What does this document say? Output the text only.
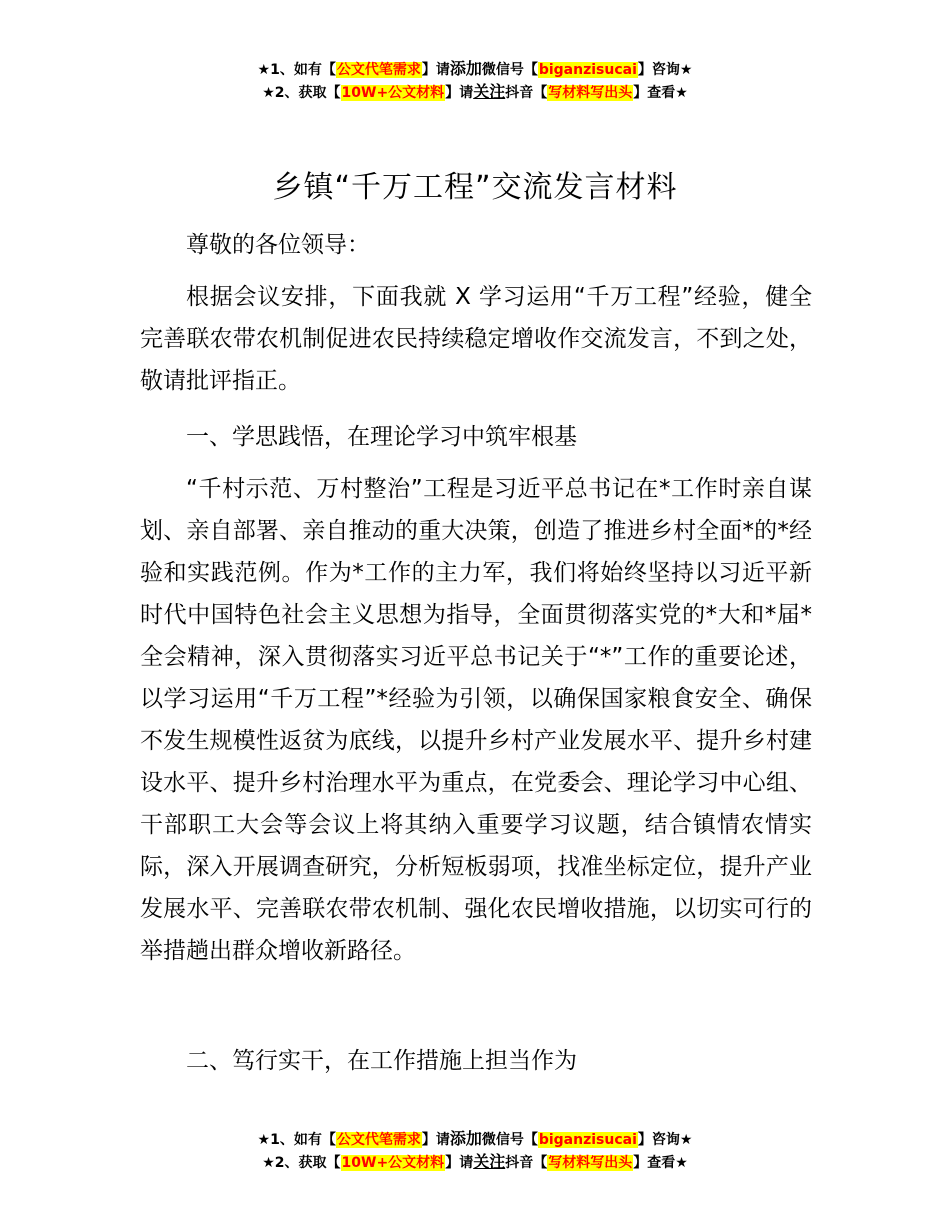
★1、如有【公文代笔需求】请添加微信号【biganzisucai】咨询★
★2、获取【10W+公文材料】请关注抖音【写材料写出头】查看★
乡镇“千万工程”交流发言材料

尊敬的各位领导：

根据会议安排，下面我就 X 学习运用“千万工程”经验，健全完善联农带农机制促进农民持续稳定增收作交流发言，不到之处，敬请批评指正。

一、学思践悟，在理论学习中筑牢根基

“千村示范、万村整治”工程是习近平总书记在*工作时亲自谋划、亲自部署、亲自推动的重大决策，创造了推进乡村全面*的*经验和实践范例。作为*工作的主力军，我们将始终坚持以习近平新时代中国特色社会主义思想为指导，全面贯彻落实党的*大和*届*全会精神，深入贯彻落实习近平总书记关于“*”工作的重要论述，以学习运用“千万工程”*经验为引领，以确保国家粮食安全、确保不发生规模性返贫为底线，以提升乡村产业发展水平、提升乡村建设水平、提升乡村治理水平为重点，在党委会、理论学习中心组、干部职工大会等会议上将其纳入重要学习议题，结合镇情农情实际，深入开展调查研究，分析短板弱项，找准坐标定位，提升产业发展水平、完善联农带农机制、强化农民增收措施，以切实可行的举措趟出群众增收新路径。

二、笃行实干，在工作措施上担当作为

★1、如有【公文代笔需求】请添加微信号【biganzisucai】咨询★
★2、获取【10W+公文材料】请关注抖音【写材料写出头】查看★
